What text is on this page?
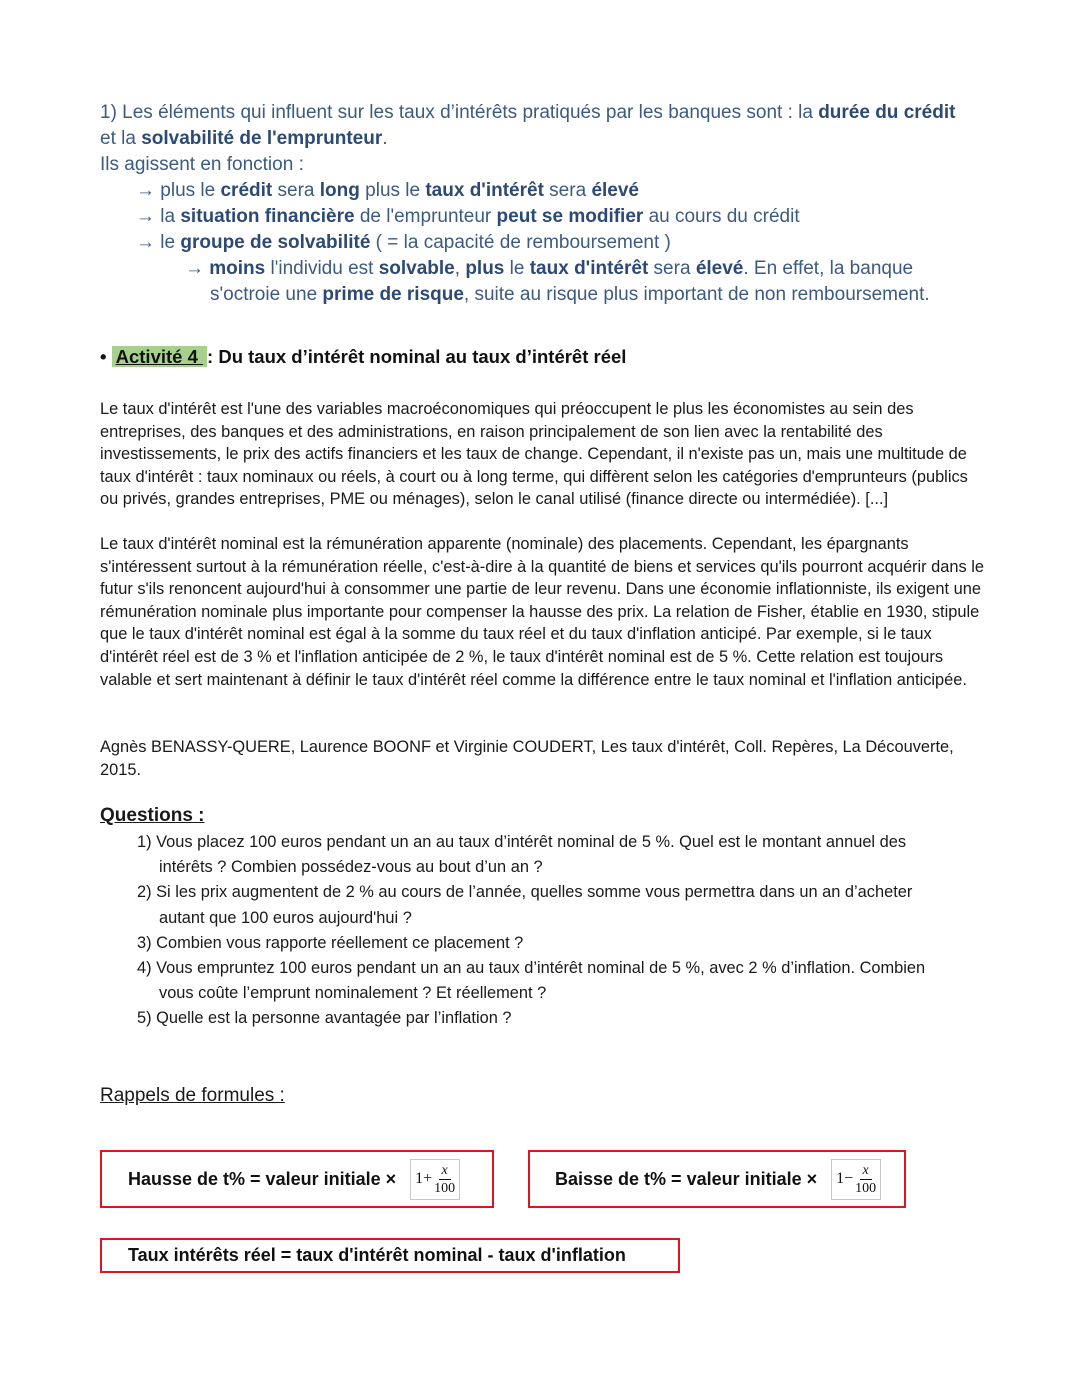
1) Les éléments qui influent sur les taux d’intérêts pratiqués par les banques sont : la durée du crédit
et la solvabilité de l'emprunteur.
Ils agissent en fonction :
→ plus le crédit sera long plus le taux d'intérêt sera élevé
→ la situation financière de l'emprunteur peut se modifier au cours du crédit
→ le groupe de solvabilité ( = la capacité de remboursement )
→ moins l'individu est solvable, plus le taux d'intérêt sera élevé. En effet, la banque
s'octroie une prime de risque, suite au risque plus important de non remboursement.
• Activité 4 : Du taux d’intérêt nominal au taux d’intérêt réel
Le taux d'intérêt est l'une des variables macroéconomiques qui préoccupent le plus les économistes au sein des entreprises, des banques et des administrations, en raison principalement de son lien avec la rentabilité des investissements, le prix des actifs financiers et les taux de change. Cependant, il n'existe pas un, mais une multitude de taux d'intérêt : taux nominaux ou réels, à court ou à long terme, qui diffèrent selon les catégories d'emprunteurs (publics ou privés, grandes entreprises, PME ou ménages), selon le canal utilisé (finance directe ou intermédiée). [...]
Le taux d'intérêt nominal est la rémunération apparente (nominale) des placements. Cependant, les épargnants s'intéressent surtout à la rémunération réelle, c'est-à-dire à la quantité de biens et services qu'ils pourront acquérir dans le futur s'ils renoncent aujourd'hui à consommer une partie de leur revenu. Dans une économie inflationniste, ils exigent une rémunération nominale plus importante pour compenser la hausse des prix. La relation de Fisher, établie en 1930, stipule que le taux d'intérêt nominal est égal à la somme du taux réel et du taux d'inflation anticipé. Par exemple, si le taux d'intérêt réel est de 3 % et l'inflation anticipée de 2 %, le taux d'intérêt nominal est de 5 %. Cette relation est toujours valable et sert maintenant à définir le taux d'intérêt réel comme la différence entre le taux nominal et l'inflation anticipée.
Agnès BENASSY-QUERE, Laurence BOONF et Virginie COUDERT, Les taux d'intérêt, Coll. Repères, La Découverte, 2015.
Questions :
1) Vous placez 100 euros pendant un an au taux d’intérêt nominal de 5 %. Quel est le montant annuel des
intérêts ? Combien possédez-vous au bout d’un an ?
2) Si les prix augmentent de 2 % au cours de l’année, quelles somme vous permettra dans un an d’acheter
autant que 100 euros aujourd'hui ?
3) Combien vous rapporte réellement ce placement ?
4) Vous empruntez 100 euros pendant un an au taux d’intérêt nominal de 5 %, avec 2 % d’inflation. Combien
vous coûte l’emprunt nominalement ? Et réellement ?
5) Quelle est la personne avantagée par l’inflation ?
Rappels de formules :
Hausse de t% = valeur initiale × $1+ \frac{x}{100}$	Baisse de t% = valeur initiale × $1- \frac{x}{100}$
Taux intérêts réel = taux d'intérêt nominal - taux d'inflation
